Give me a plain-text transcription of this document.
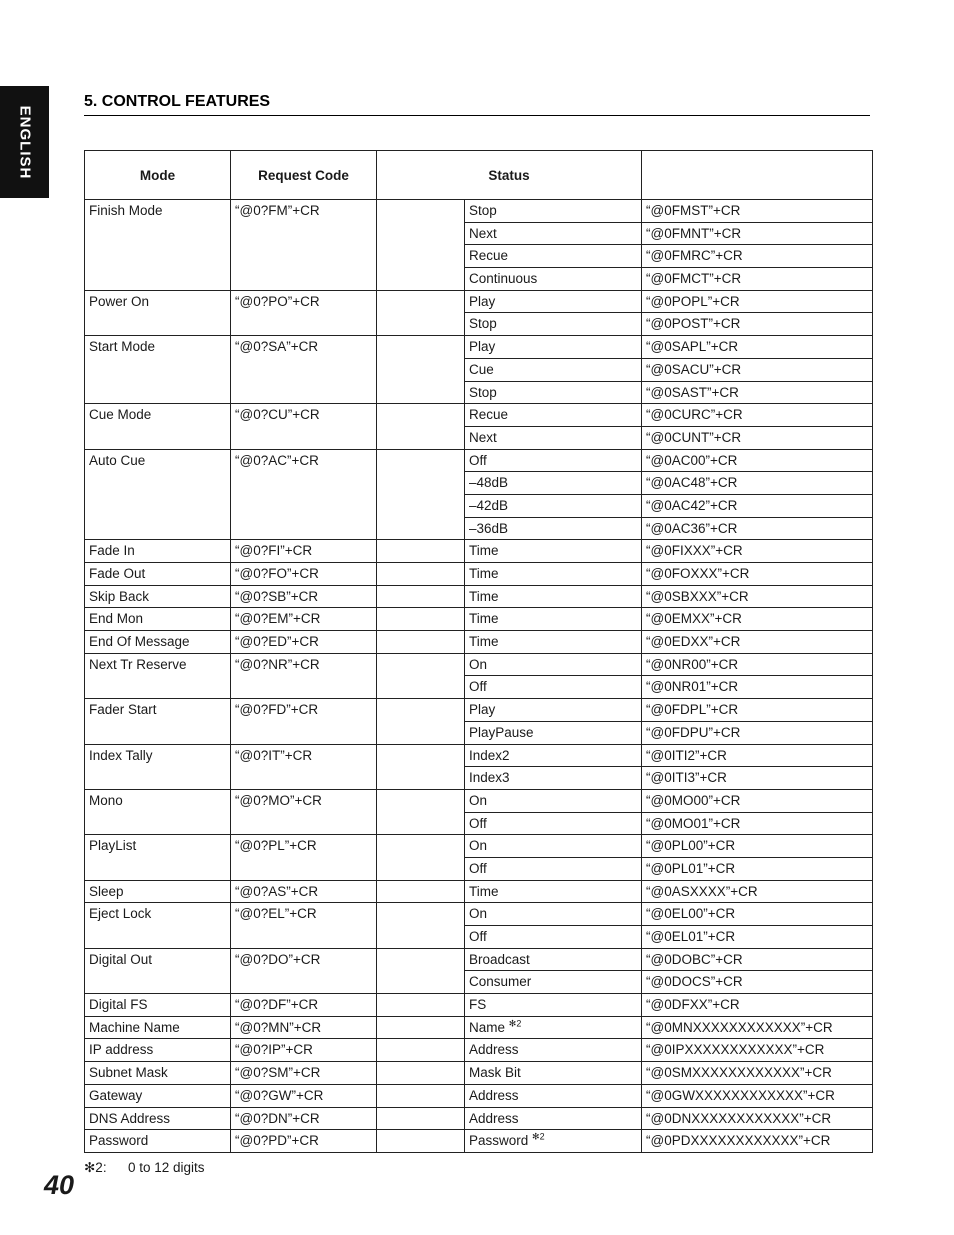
ENGLISH
5. CONTROL FEATURES
Mode	Request Code	Status		
Finish Mode	“@0?FM”+CR		Stop	“@0FMST”+CR
			Next	“@0FMNT”+CR
			Recue	“@0FMRC”+CR
			Continuous	“@0FMCT”+CR
Power On	“@0?PO”+CR		Play	“@0POPL”+CR
			Stop	“@0POST”+CR
Start Mode	“@0?SA”+CR		Play	“@0SAPL”+CR
			Cue	“@0SACU”+CR
			Stop	“@0SAST”+CR
Cue Mode	“@0?CU”+CR		Recue	“@0CURC”+CR
			Next	“@0CUNT”+CR
Auto Cue	“@0?AC”+CR		Off	“@0AC00”+CR
			–48dB	“@0AC48”+CR
			–42dB	“@0AC42”+CR
			–36dB	“@0AC36”+CR
Fade In	“@0?FI”+CR		Time	“@0FIXXX”+CR
Fade Out	“@0?FO”+CR		Time	“@0FOXXX”+CR
Skip Back	“@0?SB”+CR		Time	“@0SBXXX”+CR
End Mon	“@0?EM”+CR		Time	“@0EMXX”+CR
End Of Message	“@0?ED”+CR		Time	“@0EDXX”+CR
Next Tr Reserve	“@0?NR”+CR		On	“@0NR00”+CR
			Off	“@0NR01”+CR
Fader Start	“@0?FD”+CR		Play	“@0FDPL”+CR
			PlayPause	“@0FDPU”+CR
Index Tally	“@0?IT”+CR		Index2	“@0ITI2”+CR
			Index3	“@0ITI3”+CR
Mono	“@0?MO”+CR		On	“@0MO00”+CR
			Off	“@0MO01”+CR
PlayList	“@0?PL”+CR		On	“@0PL00”+CR
			Off	“@0PL01”+CR
Sleep	“@0?AS”+CR		Time	“@0ASXXXX”+CR
Eject Lock	“@0?EL”+CR		On	“@0EL00”+CR
			Off	“@0EL01”+CR
Digital Out	“@0?DO”+CR		Broadcast	“@0DOBC”+CR
			Consumer	“@0DOCS”+CR
Digital FS	“@0?DF”+CR		FS	“@0DFXX”+CR
Machine Name	“@0?MN”+CR		Name $^{✻2}$	“@0MNXXXXXXXXXXXX”+CR
IP address	“@0?IP”+CR		Address	“@0IPXXXXXXXXXXXX”+CR
Subnet Mask	“@0?SM”+CR		Mask Bit	“@0SMXXXXXXXXXXXX”+CR
Gateway	“@0?GW”+CR		Address	“@0GWXXXXXXXXXXXX”+CR
DNS Address	“@0?DN”+CR		Address	“@0DNXXXXXXXXXXXX”+CR
Password	“@0?PD”+CR		Password $^{✻2}$	“@0PDXXXXXXXXXXXX”+CR
✻2: 0 to 12 digits
40
